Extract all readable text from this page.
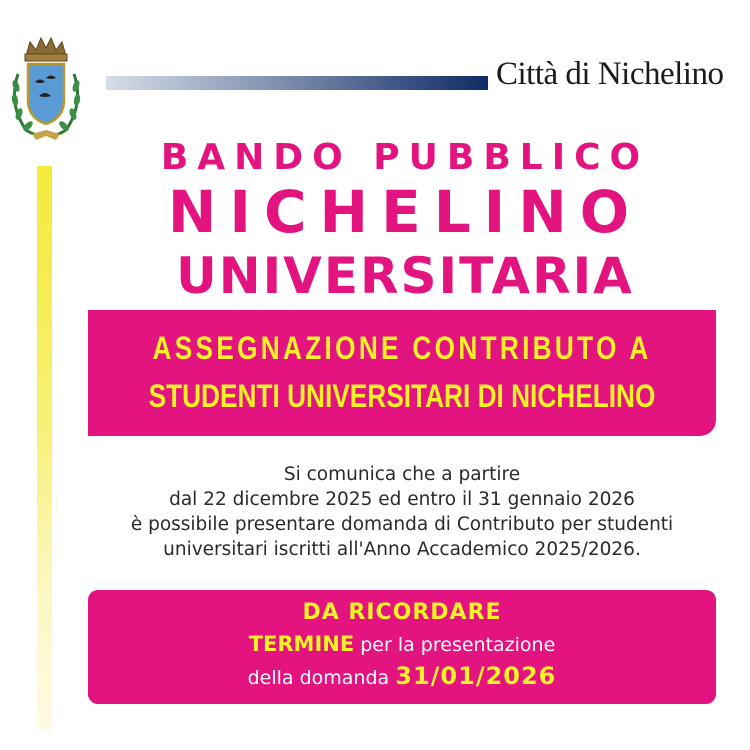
Città di Nichelino
BANDO PUBBLICO
NICHELINO
UNIVERSITARIA
ASSEGNAZIONE CONTRIBUTO A
STUDENTI UNIVERSITARI DI NICHELINO
Si comunica che a partire
dal 22 dicembre 2025 ed entro il 31 gennaio 2026
è possibile presentare domanda di Contributo per studenti
universitari iscritti all'Anno Accademico 2025/2026.
DA RICORDARE
TERMINE per la presentazione
della domanda 31/01/2026
